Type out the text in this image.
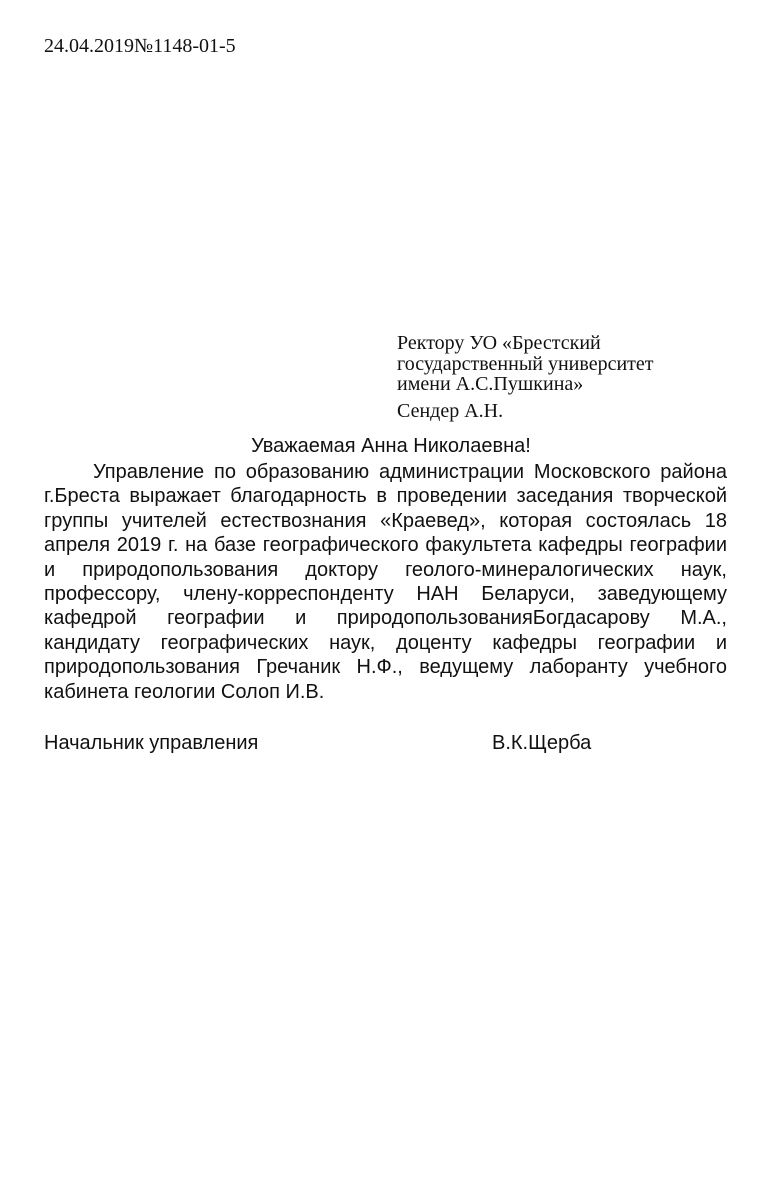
24.04.2019№1148-01-5
Ректору УО «Брестский
государственный университет
имени А.С.Пушкина»
Сендер А.Н.
Уважаемая Анна Николаевна!
Управление по образованию администрации Московского района г.Бреста выражает благодарность в проведении заседания творческой группы учителей естествознания «Краевед», которая состоялась 18 апреля 2019 г. на базе географического факультета кафедры географии и природопользования доктору геолого-минералогических наук, профессору, члену-корреспонденту НАН Беларуси, заведующему кафедрой географии и природопользованияБогдасарову М.А., кандидату географических наук, доценту кафедры географии и природопользования Гречаник Н.Ф., ведущему лаборанту учебного кабинета геологии Солоп И.В.
Начальник управления	В.К.Щерба
